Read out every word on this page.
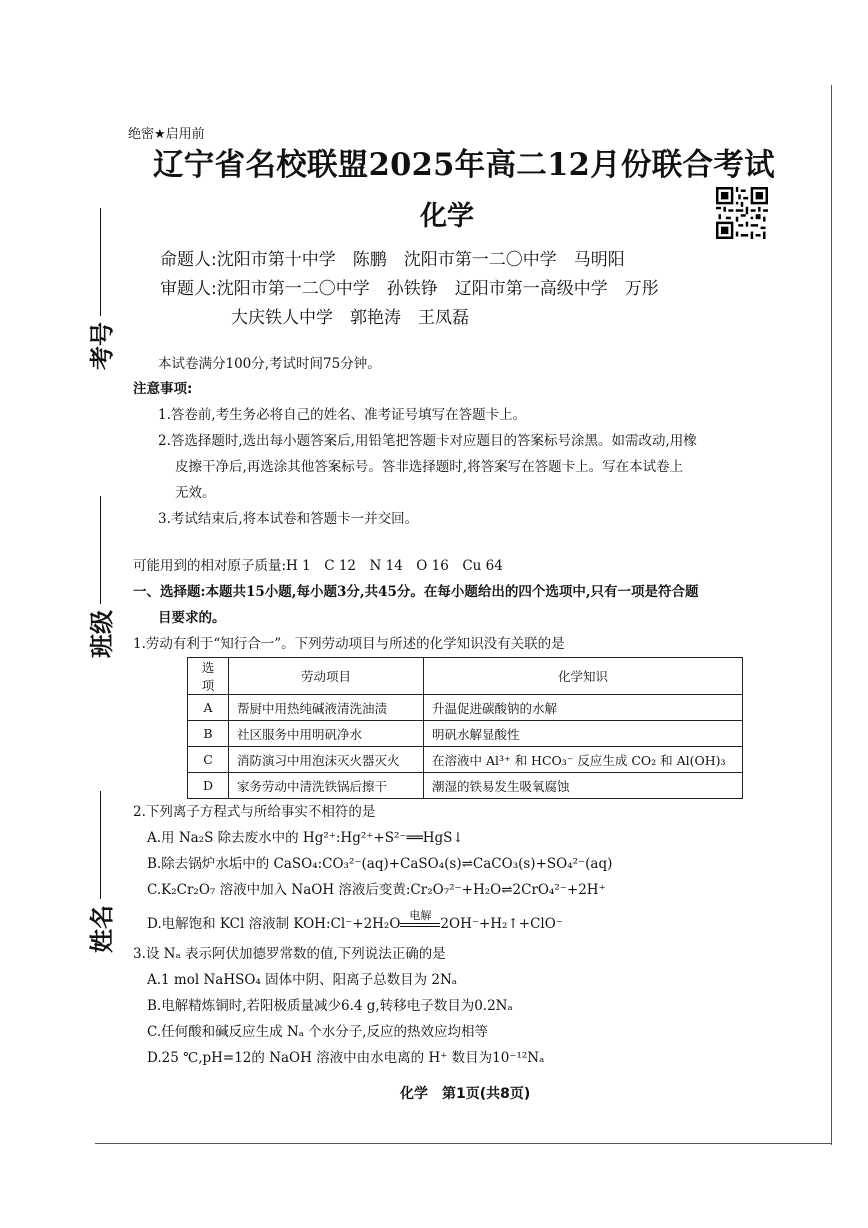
考号
班级
姓名
绝密★启用前
辽宁省名校联盟2025年高二12月份联合考试
化学
命题人:沈阳市第十中学　陈鹏　沈阳市第一二〇中学　马明阳
审题人:沈阳市第一二〇中学　孙铁铮　辽阳市第一高级中学　万彤
大庆铁人中学　郭艳涛　王凤磊
本试卷满分100分,考试时间75分钟。
注意事项:
1.答卷前,考生务必将自己的姓名、准考证号填写在答题卡上。
2.答选择题时,选出每小题答案后,用铅笔把答题卡对应题目的答案标号涂黑。如需改动,用橡
皮擦干净后,再选涂其他答案标号。答非选择题时,将答案写在答题卡上。写在本试卷上
无效。
3.考试结束后,将本试卷和答题卡一并交回。
可能用到的相对原子质量:H 1　C 12　N 14　O 16　Cu 64
一、选择题:本题共15小题,每小题3分,共45分。在每小题给出的四个选项中,只有一项是符合题
目要求的。
1.劳动有利于“知行合一”。下列劳动项目与所述的化学知识没有关联的是
选项	劳动项目	化学知识
A	帮厨中用热纯碱液清洗油渍	升温促进碳酸钠的水解
B	社区服务中用明矾净水	明矾水解显酸性
C	消防演习中用泡沫灭火器灭火	在溶液中 Al³⁺ 和 HCO₃⁻ 反应生成 CO₂ 和 Al(OH)₃
D	家务劳动中清洗铁锅后擦干	潮湿的铁易发生吸氧腐蚀
2.下列离子方程式与所给事实不相符的是
A.用 Na₂S 除去废水中的 Hg²⁺:Hg²⁺+S²⁻══HgS↓
B.除去锅炉水垢中的 CaSO₄:CO₃²⁻(aq)+CaSO₄(s)⇌CaCO₃(s)+SO₄²⁻(aq)
C.K₂Cr₂O₇ 溶液中加入 NaOH 溶液后变黄:Cr₂O₇²⁻+H₂O⇌2CrO₄²⁻+2H⁺
D.电解饱和 KCl 溶液制 KOH:Cl⁻+2H₂O
电解
2OH⁻+H₂↑+ClO⁻
3.设 Nₐ 表示阿伏加德罗常数的值,下列说法正确的是
A.1 mol NaHSO₄ 固体中阴、阳离子总数目为 2Nₐ
B.电解精炼铜时,若阳极质量减少6.4 g,转移电子数目为0.2Nₐ
C.任何酸和碱反应生成 Nₐ 个水分子,反应的热效应均相等
D.25 ℃,pH=12的 NaOH 溶液中由水电离的 H⁺ 数目为10⁻¹²Nₐ
化学　第1页(共8页)
